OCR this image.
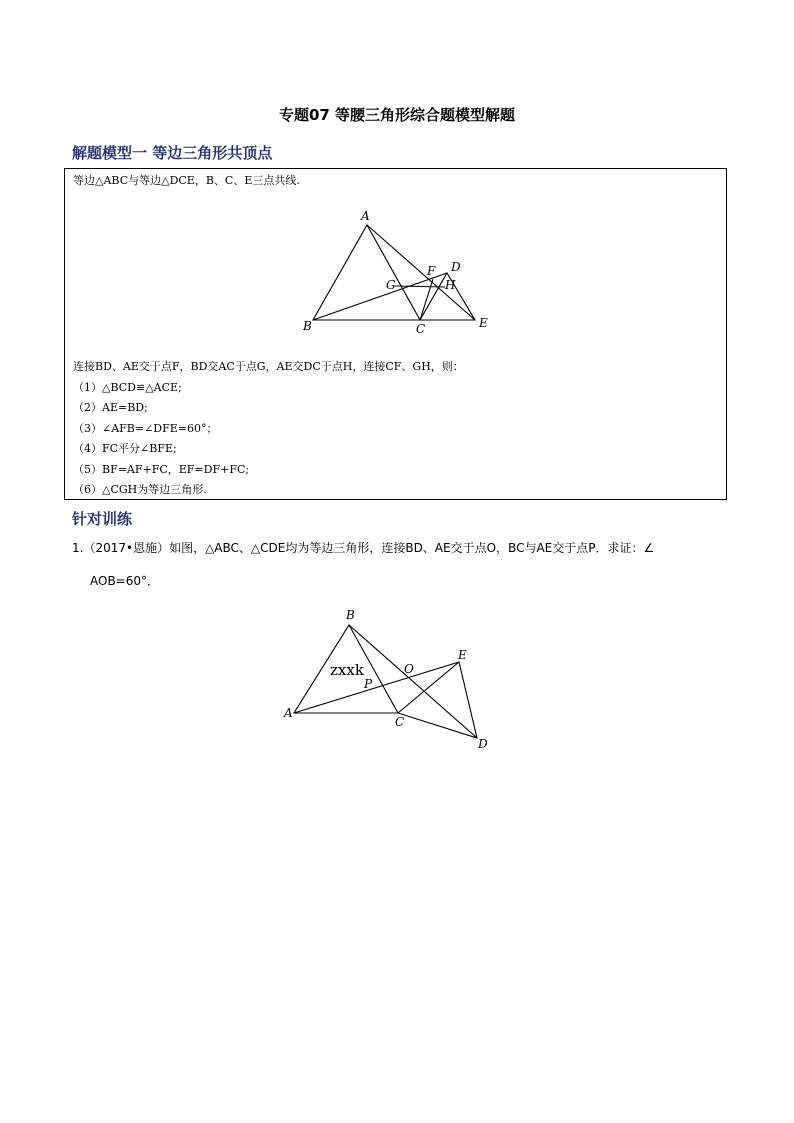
专题07 等腰三角形综合题模型解题
解题模型一 等边三角形共顶点
等边△ABC与等边△DCE，B、C、E三点共线.
A
B	C	E
D
F
G	H
连接BD、AE交于点F，BD交AC于点G，AE交DC于点H，连接CF、GH，则：
（1）△BCD≌△ACE;
（2）AE=BD;
（3）∠AFB=∠DFE=60°；
（4）FC平分∠BFE;
（5）BF=AF+FC，EF=DF+FC;
（6）△CGH为等边三角形.
针对训练
1.（2017•恩施）如图，△ABC、△CDE均为等边三角形，连接BD、AE交于点O，BC与AE交于点P．求证：∠
AOB=60°．
B
A
C
E
D
O
P
zxxk
